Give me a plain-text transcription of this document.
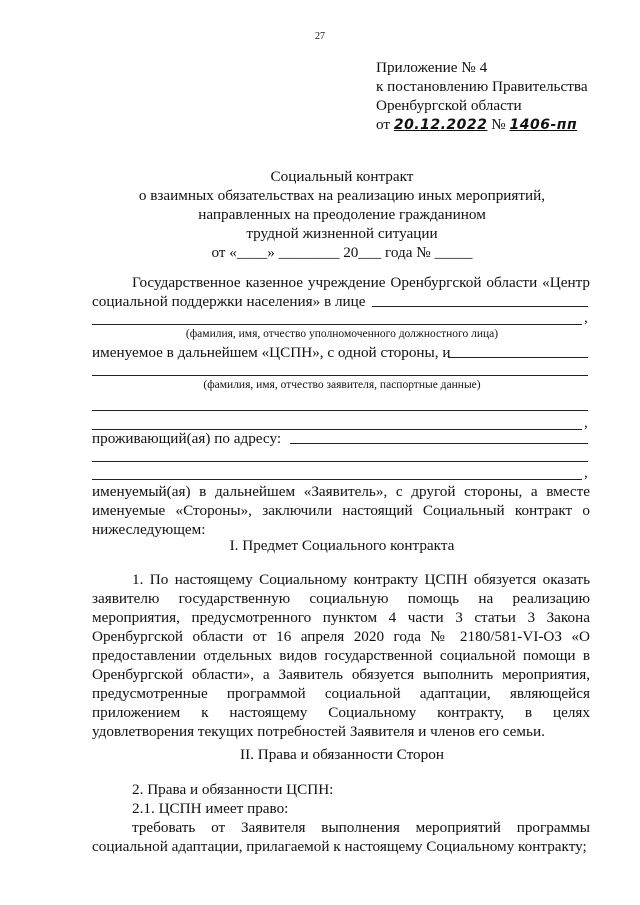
27
Приложение № 4
к постановлению Правительства
Оренбургской области
от 20.12.2022 № 1406-пп
Социальный контракт
о взаимных обязательствах на реализацию иных мероприятий,
направленных на преодоление гражданином
трудной жизненной ситуации
от «____» ________ 20___ года № _____
Государственное казенное учреждение Оренбургской области «Центр
социальной поддержки населения» в лице
,
(фамилия, имя, отчество уполномоченного должностного лица)
именуемое в дальнейшем «ЦСПН», с одной стороны, и
(фамилия, имя, отчество заявителя, паспортные данные)
,
проживающий(ая) по адресу:
,
именуемый(ая) в дальнейшем «Заявитель», с другой стороны, а вместе именуемые «Стороны», заключили настоящий Социальный контракт о нижеследующем:
I. Предмет Социального контракта
1. По настоящему Социальному контракту ЦСПН обязуется оказать заявителю государственную социальную помощь на реализацию мероприятия, предусмотренного пунктом 4 части 3 статьи 3 Закона Оренбургской области от 16 апреля 2020 года № 2180/581-VI-ОЗ «О предоставлении отдельных видов государственной социальной помощи в Оренбургской области», а Заявитель обязуется выполнить мероприятия, предусмотренные программой социальной адаптации, являющейся приложением к настоящему Социальному контракту, в целях удовлетворения текущих потребностей Заявителя и членов его семьи.
II. Права и обязанности Сторон
2. Права и обязанности ЦСПН:
2.1. ЦСПН имеет право:
требовать от Заявителя выполнения мероприятий программы социальной адаптации, прилагаемой к настоящему Социальному контракту;
